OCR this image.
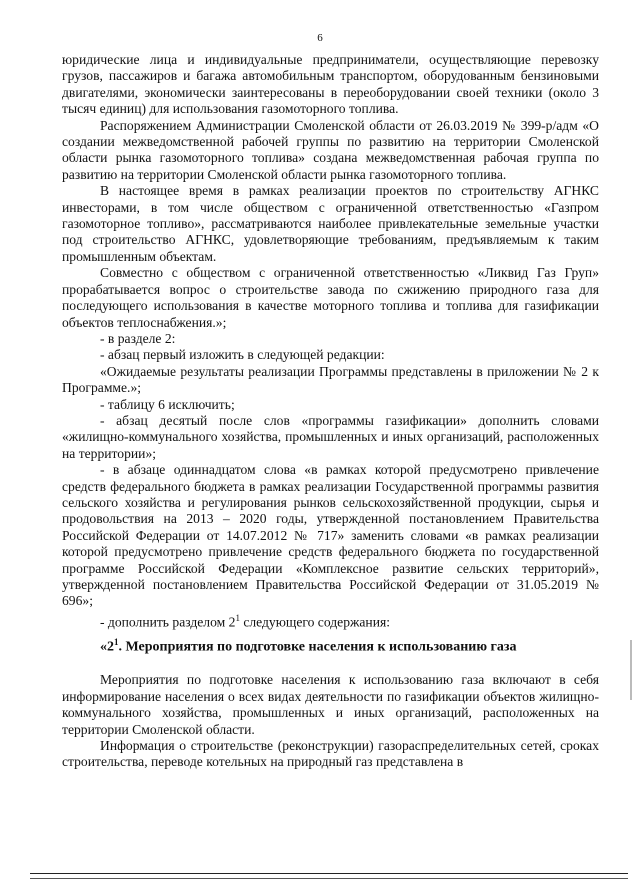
6

юридические лица и индивидуальные предприниматели, осуществляющие перевозку грузов, пассажиров и багажа автомобильным транспортом, оборудованным бензиновыми двигателями, экономически заинтересованы в переоборудовании своей техники (около 3 тысяч единиц) для использования газомоторного топлива.

Распоряжением Администрации Смоленской области от 26.03.2019 № 399-р/адм «О создании межведомственной рабочей группы по развитию на территории Смоленской области рынка газомоторного топлива» создана межведомственная рабочая группа по развитию на территории Смоленской области рынка газомоторного топлива.

В настоящее время в рамках реализации проектов по строительству АГНКС инвесторами, в том числе обществом с ограниченной ответственностью «Газпром газомоторное топливо», рассматриваются наиболее привлекательные земельные участки под строительство АГНКС, удовлетворяющие требованиям, предъявляемым к таким промышленным объектам.

Совместно с обществом с ограниченной ответственностью «Ликвид Газ Груп» прорабатывается вопрос о строительстве завода по сжижению природного газа для последующего использования в качестве моторного топлива и топлива для газификации объектов теплоснабжения.»;

- в разделе 2:

- абзац первый изложить в следующей редакции:

«Ожидаемые результаты реализации Программы представлены в приложении № 2 к Программе.»;

- таблицу 6 исключить;

- абзац десятый после слов «программы газификации» дополнить словами «жилищно-коммунального хозяйства, промышленных и иных организаций, расположенных на территории»;

- в абзаце одиннадцатом слова «в рамках которой предусмотрено привлечение средств федерального бюджета в рамках реализации Государственной программы развития сельского хозяйства и регулирования рынков сельскохозяйственной продукции, сырья и продовольствия на 2013 – 2020 годы, утвержденной постановлением Правительства Российской Федерации от 14.07.2012 № 717» заменить словами «в рамках реализации которой предусмотрено привлечение средств федерального бюджета по государственной программе Российской Федерации «Комплексное развитие сельских территорий», утвержденной постановлением Правительства Российской Федерации от 31.05.2019 № 696»;

- дополнить разделом $2^1$ следующего содержания:

«$2^1$. Мероприятия по подготовке населения к использованию газа

Мероприятия по подготовке населения к использованию газа включают в себя информирование населения о всех видах деятельности по газификации объектов жилищно-коммунального хозяйства, промышленных и иных организаций, расположенных на территории Смоленской области.

Информация о строительстве (реконструкции) газораспределительных сетей, сроках строительства, переводе котельных на природный газ представлена в
